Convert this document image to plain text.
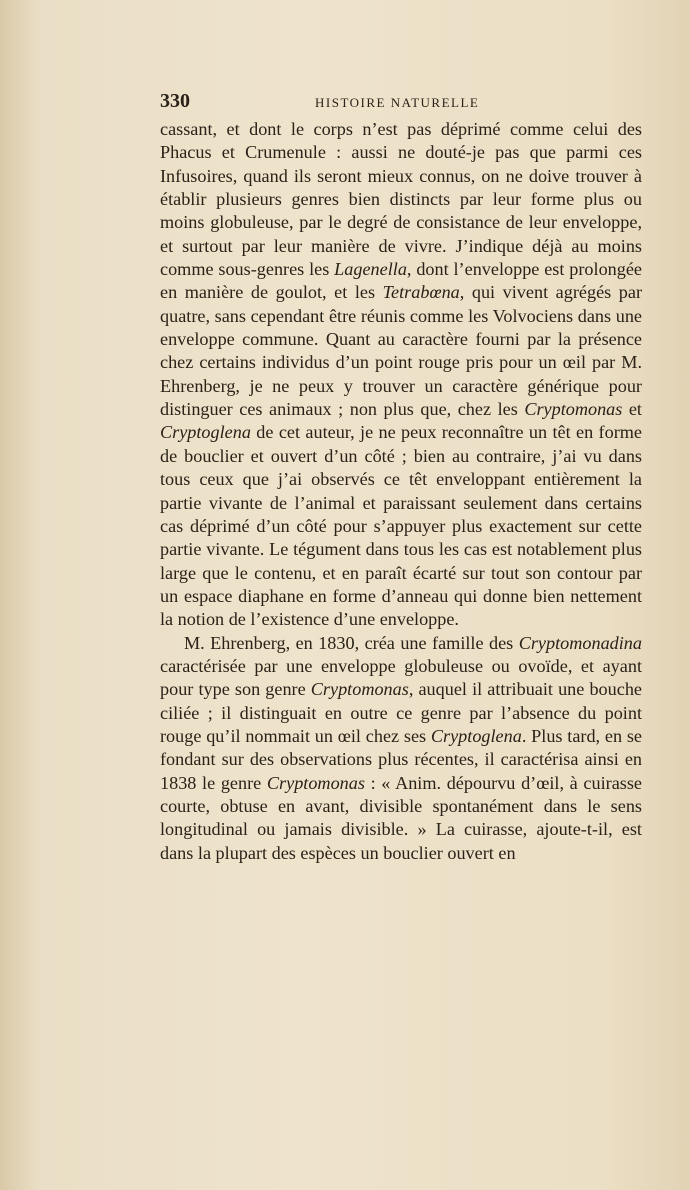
330	HISTOIRE NATURELLE

cassant, et dont le corps n’est pas déprimé comme celui des Phacus et Crumenule : aussi ne douté-je pas que parmi ces Infusoires, quand ils seront mieux connus, on ne doive trouver à établir plusieurs genres bien distincts par leur forme plus ou moins globuleuse, par le degré de consistance de leur enveloppe, et surtout par leur manière de vivre. J’indique déjà au moins comme sous-genres les Lagenella, dont l’enveloppe est prolongée en manière de goulot, et les Tetrabœna, qui vivent agrégés par quatre, sans cependant être réunis comme les Volvociens dans une enveloppe commune. Quant au caractère fourni par la présence chez certains individus d’un point rouge pris pour un œil par M. Ehrenberg, je ne peux y trouver un caractère générique pour distinguer ces animaux ; non plus que, chez les Cryptomonas et Cryptoglena de cet auteur, je ne peux reconnaître un têt en forme de bouclier et ouvert d’un côté ; bien au contraire, j’ai vu dans tous ceux que j’ai observés ce têt enveloppant entièrement la partie vivante de l’animal et paraissant seulement dans certains cas déprimé d’un côté pour s’appuyer plus exactement sur cette partie vivante. Le tégument dans tous les cas est notablement plus large que le contenu, et en paraît écarté sur tout son contour par un espace diaphane en forme d’anneau qui donne bien nettement la notion de l’existence d’une enveloppe.

M. Ehrenberg, en 1830, créa une famille des Cryptomonadina caractérisée par une enveloppe globuleuse ou ovoïde, et ayant pour type son genre Cryptomonas, auquel il attribuait une bouche ciliée ; il distinguait en outre ce genre par l’absence du point rouge qu’il nommait un œil chez ses Cryptoglena. Plus tard, en se fondant sur des observations plus récentes, il caractérisa ainsi en 1838 le genre Cryptomonas : « Anim. dépourvu d’œil, à cuirasse courte, obtuse en avant, divisible spontanément dans le sens longitudinal ou jamais divisible. » La cuirasse, ajoute-t-il, est dans la plupart des espèces un bouclier ouvert en
